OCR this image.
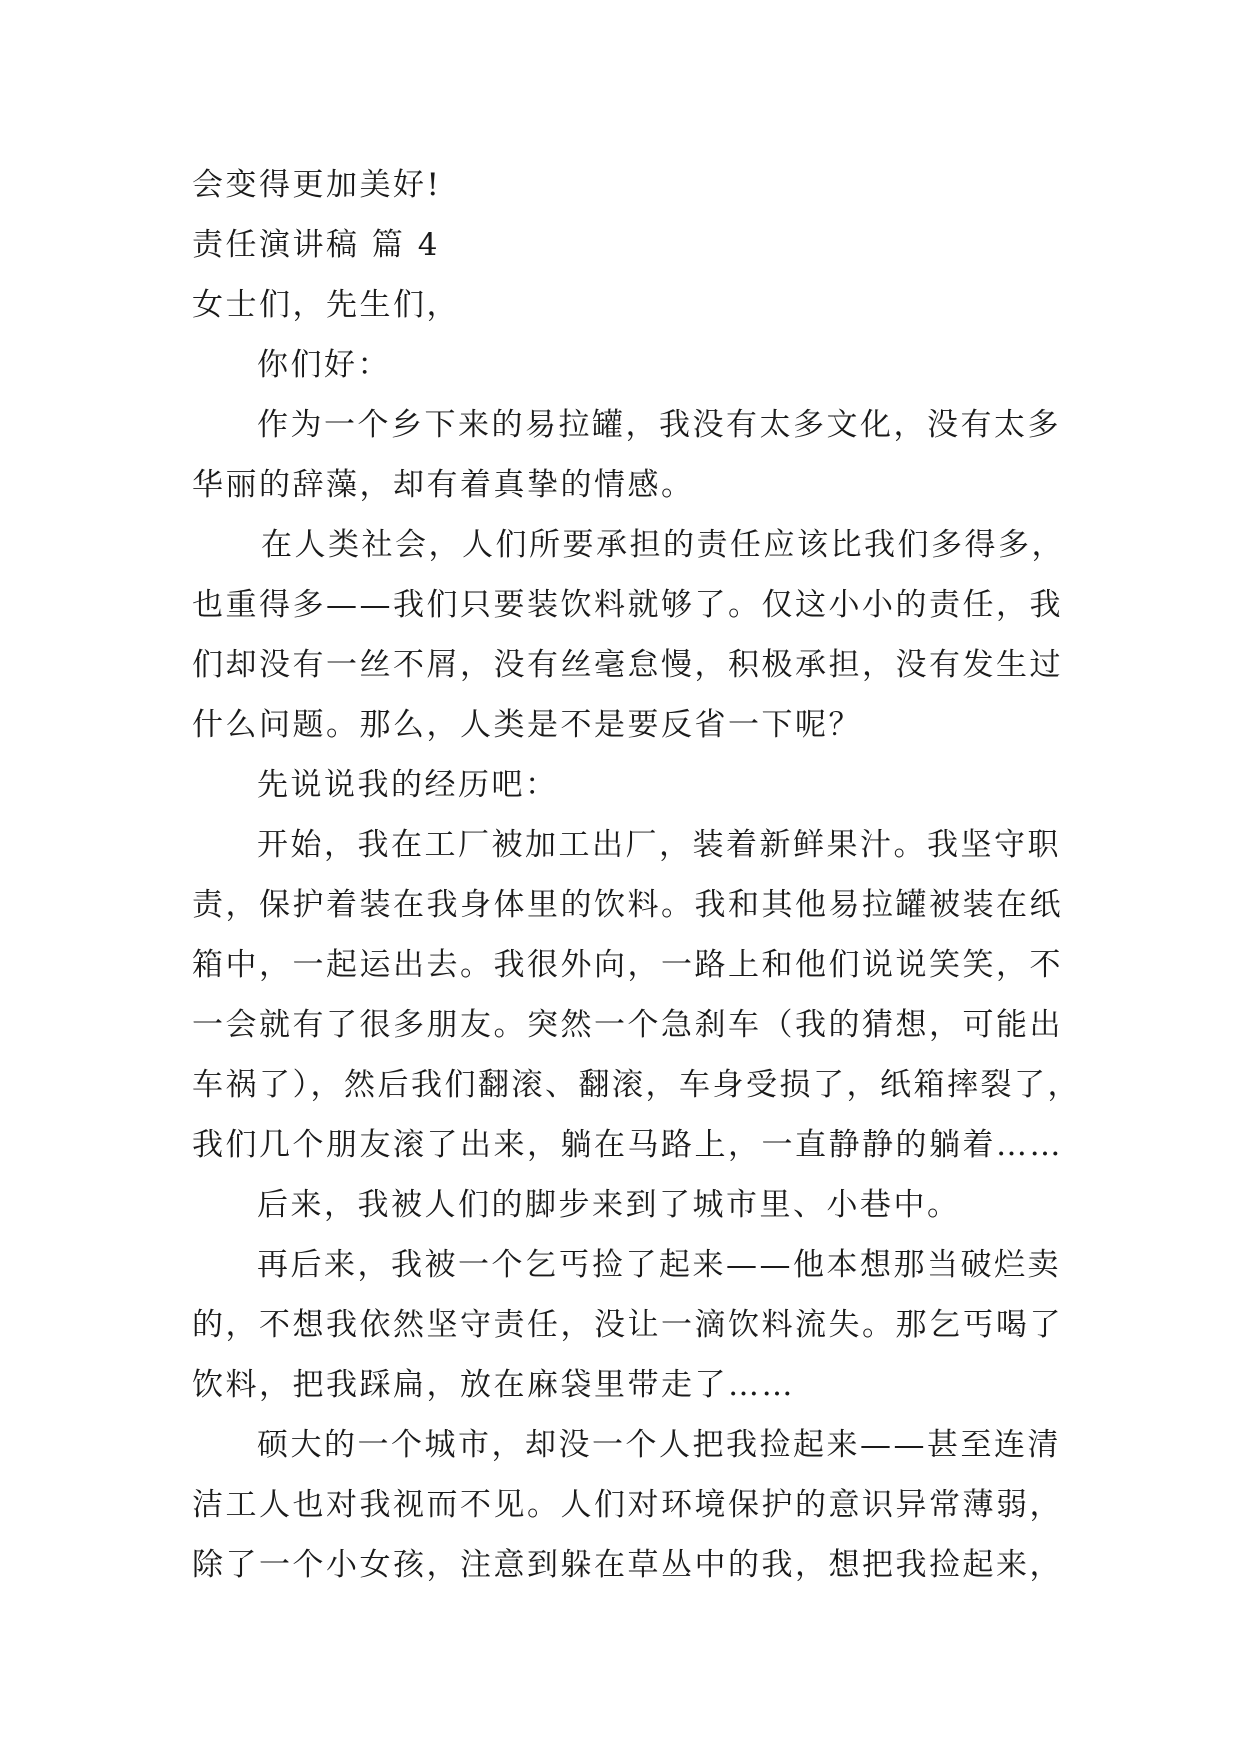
会变得更加美好!
责任演讲稿 篇 4
女士们，先生们，
你们好：
作为一个乡下来的易拉罐，我没有太多文化，没有太多
华丽的辞藻，却有着真挚的情感。
在人类社会，人们所要承担的责任应该比我们多得多，
也重得多——我们只要装饮料就够了。仅这小小的责任，我
们却没有一丝不屑，没有丝毫怠慢，积极承担，没有发生过
什么问题。那么，人类是不是要反省一下呢？
先说说我的经历吧：
开始，我在工厂被加工出厂，装着新鲜果汁。我坚守职
责，保护着装在我身体里的饮料。我和其他易拉罐被装在纸
箱中，一起运出去。我很外向，一路上和他们说说笑笑，不
一会就有了很多朋友。突然一个急刹车（我的猜想，可能出
车祸了），然后我们翻滚、翻滚，车身受损了，纸箱摔裂了，
我们几个朋友滚了出来，躺在马路上，一直静静的躺着……
后来，我被人们的脚步来到了城市里、小巷中。
再后来，我被一个乞丐捡了起来——他本想那当破烂卖
的，不想我依然坚守责任，没让一滴饮料流失。那乞丐喝了
饮料，把我踩扁，放在麻袋里带走了……
硕大的一个城市，却没一个人把我捡起来——甚至连清
洁工人也对我视而不见。人们对环境保护的意识异常薄弱，
除了一个小女孩，注意到躲在草丛中的我，想把我捡起来，
